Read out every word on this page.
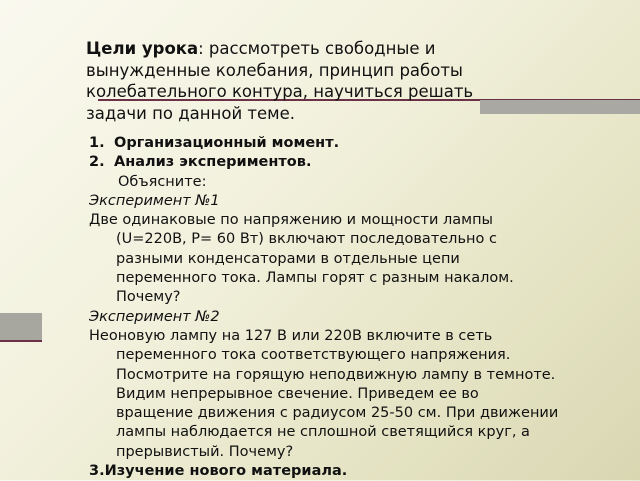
Цели урока: рассмотреть свободные и вынужденные колебания, принцип работы колебательного контура, научиться решать задачи по данной теме.
1. Организационный момент.
2. Анализ экспериментов.
Объясните:
Эксперимент №1
Две одинаковые по напряжению и мощности лампы (U=220В, Р= 60 Вт) включают последовательно с разными конденсаторами в отдельные цепи переменного тока. Лампы горят с разным накалом. Почему?
Эксперимент №2
Неоновую лампу на 127 В или 220В включите в сеть переменного тока соответствующего напряжения. Посмотрите на горящую неподвижную лампу в темноте. Видим непрерывное свечение. Приведем ее во вращение движения с радиусом 25-50 см. При движении лампы наблюдается не сплошной светящийся круг, а прерывистый. Почему?
3.Изучение нового материала.
